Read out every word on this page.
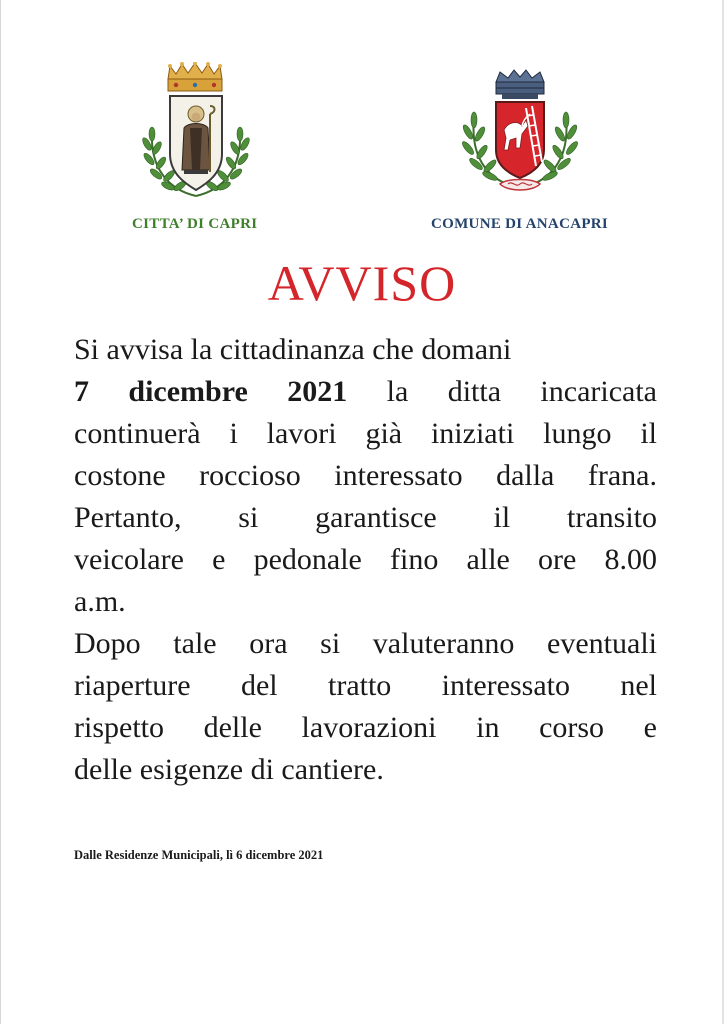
CITTA’ DI CAPRI	COMUNE DI ANACAPRI
AVVISO
Si avvisa la cittadinanza che domani
7 dicembre 2021 la ditta incaricata
continuerà i lavori già iniziati lungo il
costone roccioso interessato dalla frana.
Pertanto, si garantisce il transito
veicolare e pedonale fino alle ore 8.00
a.m.
Dopo tale ora si valuteranno eventuali
riaperture del tratto interessato nel
rispetto delle lavorazioni in corso e
delle esigenze di cantiere.
Dalle Residenze Municipali, lì 6 dicembre 2021
